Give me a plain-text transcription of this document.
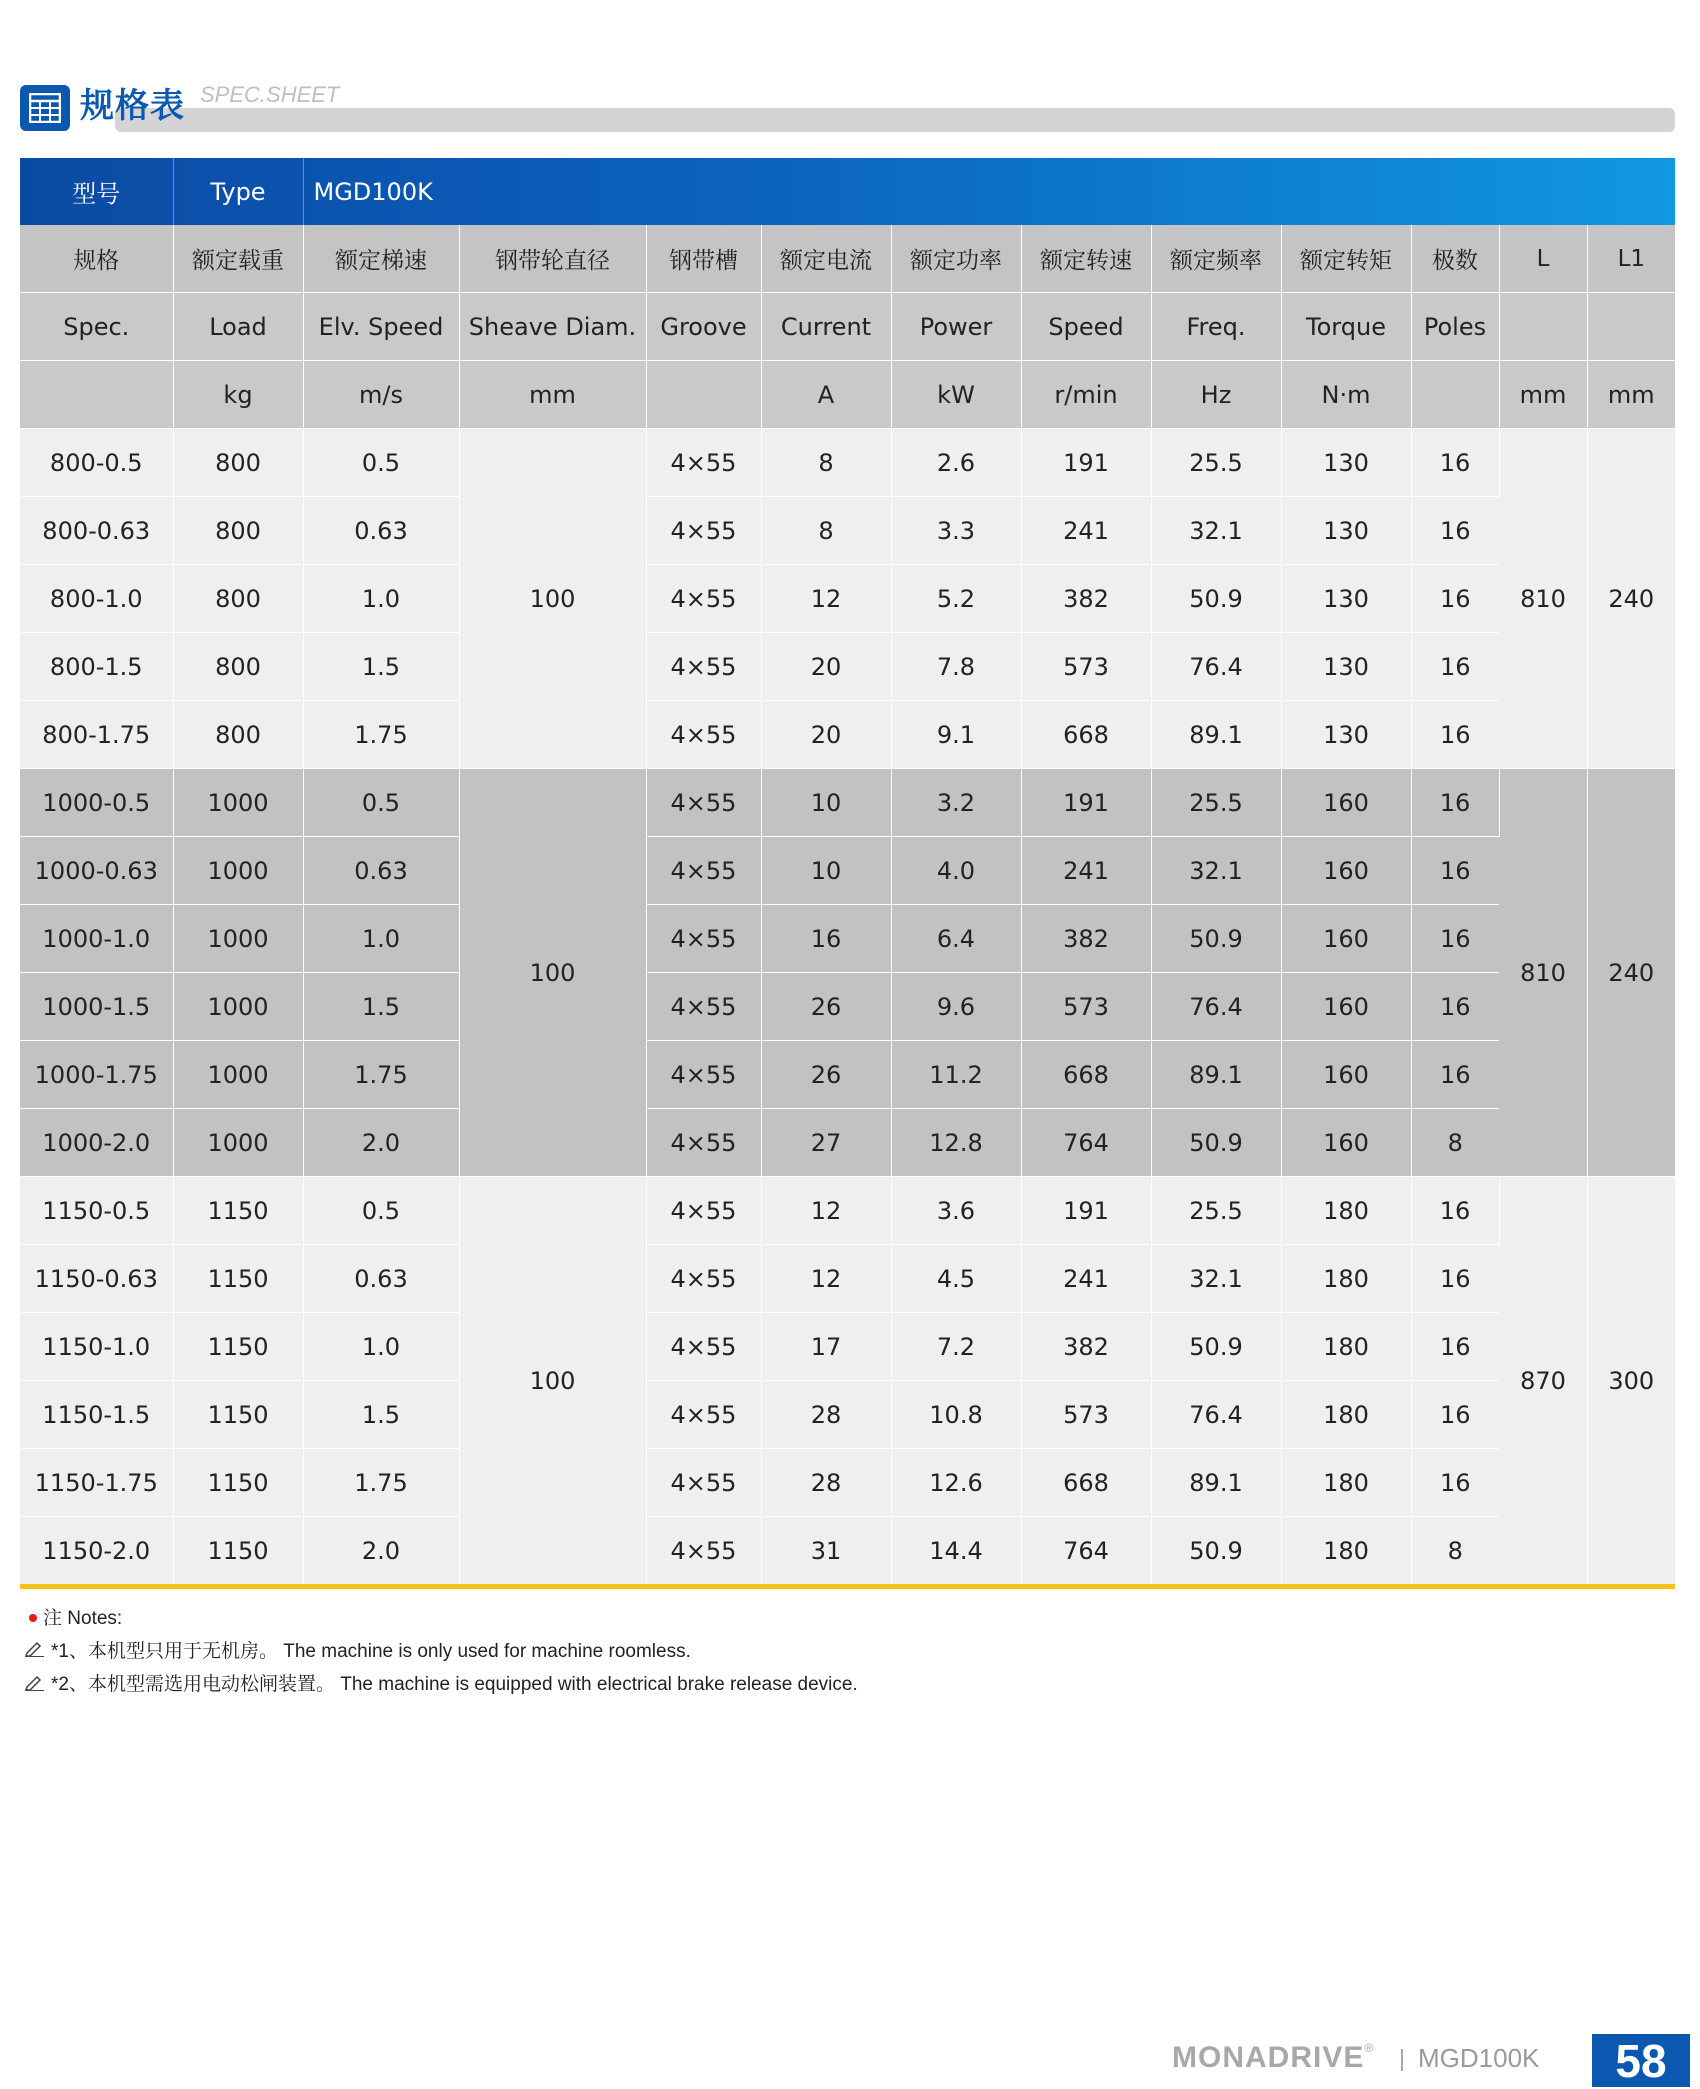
规格表 SPEC.SHEET
型号	Type	MGD100K										
规格	额定载重	额定梯速	钢带轮直径	钢带槽	额定电流	额定功率	额定转速	额定频率	额定转矩	极数	L	L1
Spec.	Load	Elv. Speed	Sheave Diam.	Groove	Current	Power	Speed	Freq.	Torque	Poles		
	kg	m/s	mm		A	kW	r/min	Hz	N·m		mm	mm
800-0.5	800	0.5	100	4×55	8	2.6	191	25.5	130	16	810	240
800-0.63	800	0.63		4×55	8	3.3	241	32.1	130	16		
800-1.0	800	1.0		4×55	12	5.2	382	50.9	130	16		
800-1.5	800	1.5		4×55	20	7.8	573	76.4	130	16		
800-1.75	800	1.75		4×55	20	9.1	668	89.1	130	16		
1000-0.5	1000	0.5	100	4×55	10	3.2	191	25.5	160	16	810	240
1000-0.63	1000	0.63		4×55	10	4.0	241	32.1	160	16		
1000-1.0	1000	1.0		4×55	16	6.4	382	50.9	160	16		
1000-1.5	1000	1.5		4×55	26	9.6	573	76.4	160	16		
1000-1.75	1000	1.75		4×55	26	11.2	668	89.1	160	16		
1000-2.0	1000	2.0		4×55	27	12.8	764	50.9	160	8		
1150-0.5	1150	0.5	100	4×55	12	3.6	191	25.5	180	16	870	300
1150-0.63	1150	0.63		4×55	12	4.5	241	32.1	180	16		
1150-1.0	1150	1.0		4×55	17	7.2	382	50.9	180	16		
1150-1.5	1150	1.5		4×55	28	10.8	573	76.4	180	16		
1150-1.75	1150	1.75		4×55	28	12.6	668	89.1	180	16		
1150-2.0	1150	2.0		4×55	31	14.4	764	50.9	180	8		
注 Notes:
*1、本机型只用于无机房。 The machine is only used for machine roomless.
*2、本机型需选用电动松闸装置。 The machine is equipped with electrical brake release device.
MONADRIVE® MGD100K	58
